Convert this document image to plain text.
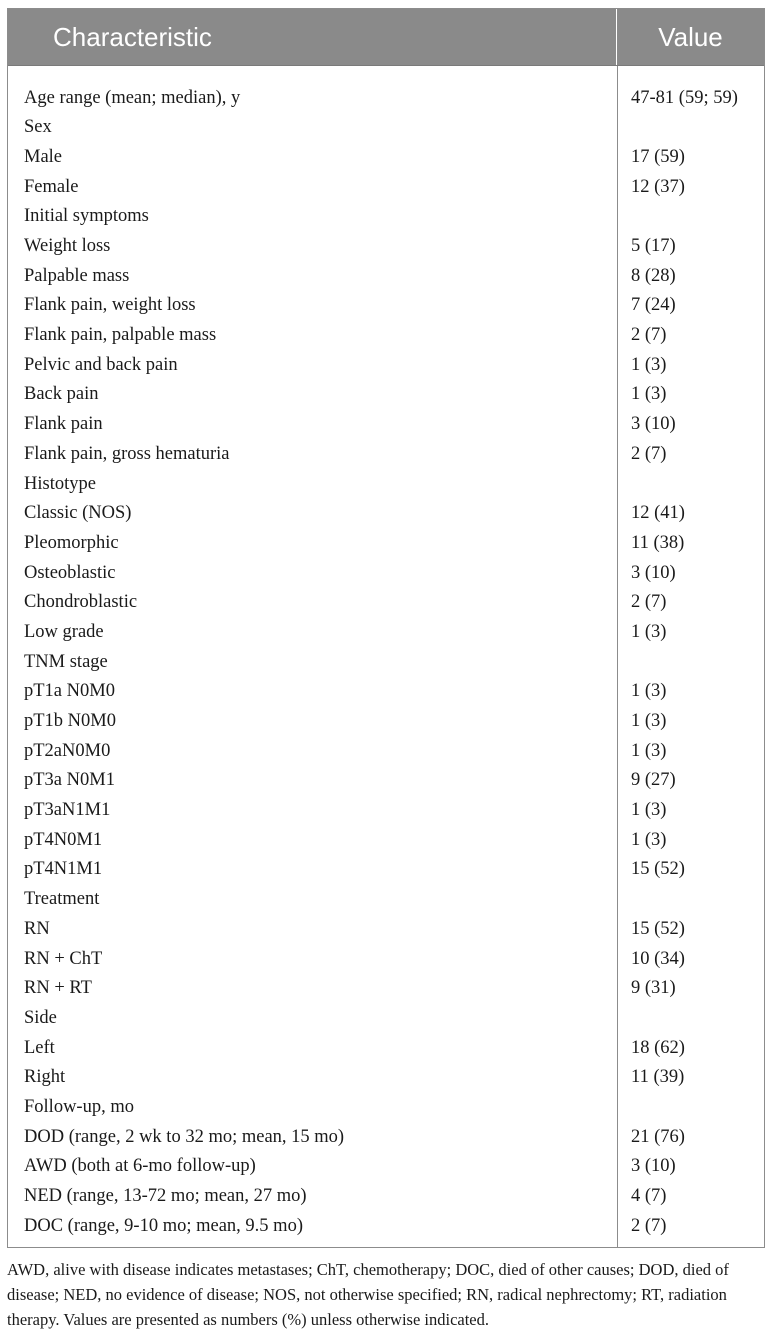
Characteristic	Value
Age range (mean; median), y	47-81 (59; 59)
Sex
Male	17 (59)
Female	12 (37)
Initial symptoms
Weight loss	5 (17)
Palpable mass	8 (28)
Flank pain, weight loss	7 (24)
Flank pain, palpable mass	2 (7)
Pelvic and back pain	1 (3)
Back pain	1 (3)
Flank pain	3 (10)
Flank pain, gross hematuria	2 (7)
Histotype
Classic (NOS)	12 (41)
Pleomorphic	11 (38)
Osteoblastic	3 (10)
Chondroblastic	2 (7)
Low grade	1 (3)
TNM stage
pT1a N0M0	1 (3)
pT1b N0M0	1 (3)
pT2aN0M0	1 (3)
pT3a N0M1	9 (27)
pT3aN1M1	1 (3)
pT4N0M1	1 (3)
pT4N1M1	15 (52)
Treatment
RN	15 (52)
RN + ChT	10 (34)
RN + RT	9 (31)
Side
Left	18 (62)
Right	11 (39)
Follow-up, mo
DOD (range, 2 wk to 32 mo; mean, 15 mo)	21 (76)
AWD (both at 6-mo follow-up)	3 (10)
NED (range, 13-72 mo; mean, 27 mo)	4 (7)
DOC (range, 9-10 mo; mean, 9.5 mo)	2 (7)
AWD, alive with disease indicates metastases; ChT, chemotherapy; DOC, died of other causes; DOD, died of disease; NED, no evidence of disease; NOS, not otherwise specified; RN, radical nephrectomy; RT, radiation therapy. Values are presented as numbers (%) unless otherwise indicated.
